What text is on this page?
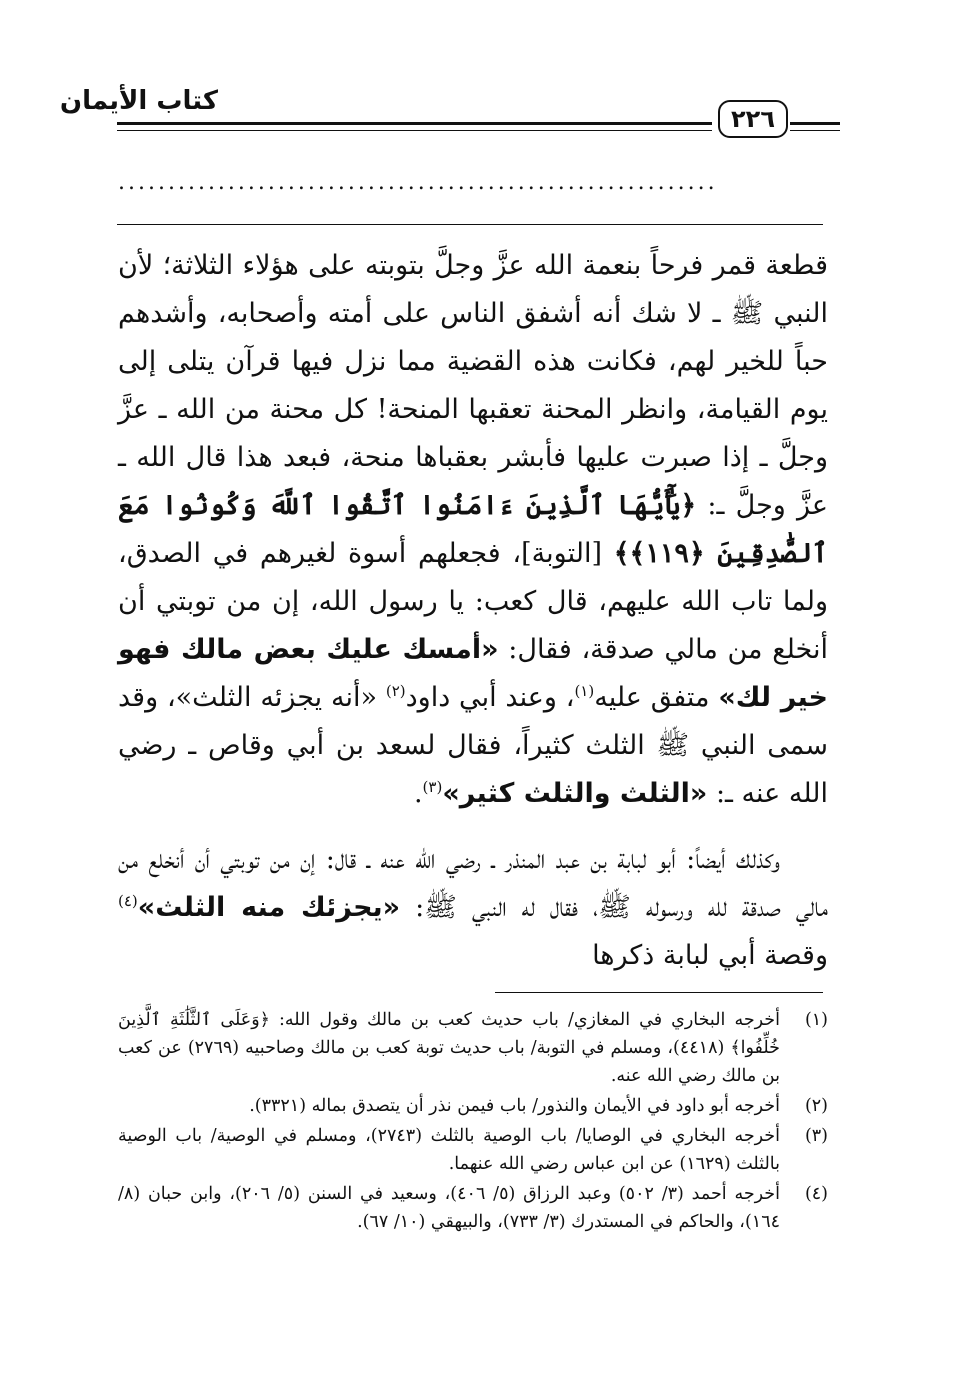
كتاب الأيمان
٢٢٦
............................................................
قطعة قمر فرحاً بنعمة الله عزَّ وجلَّ بتوبته على هؤلاء الثلاثة؛ لأن النبي ﷺ ـ لا شك أنه أشفق الناس على أمته وأصحابه، وأشدهم حباً للخير لهم، فكانت هذه القضية مما نزل فيها قرآن يتلى إلى يوم القيامة، وانظر المحنة تعقبها المنحة! كل محنة من الله ـ عزَّ وجلَّ ـ إذا صبرت عليها فأبشر بعقباها منحة، فبعد هذا قال الله ـ عزَّ وجلَّ ـ: ﴿يَٰٓأَيُّهَا ٱلَّذِينَ ءَامَنُوا ٱتَّقُوا ٱللَّهَ وَكُونُوا مَعَ ٱلصَّٰدِقِينَ ﴿١١٩﴾﴾ [التوبة]، فجعلهم أسوة لغيرهم في الصدق، ولما تاب الله عليهم، قال كعب: يا رسول الله، إن من توبتي أن أنخلع من مالي صدقة، فقال: «أمسك عليك بعض مالك فهو خير لك» متفق عليه$^{(١)}$، وعند أبي داود$^{(٢)}$ «أنه يجزئه الثلث»، وقد سمى النبي ﷺ الثلث كثيراً، فقال لسعد بن أبي وقاص ـ رضي الله عنه ـ: «الثلث والثلث كثير»$^{(٣)}$.
وكذلك أيضاً: أبو لبابة بن عبد المنذر ـ رضي الله عنه ـ قال: إن من توبتي أن أنخلع من مالي صدقة لله ورسوله ﷺ، فقال له النبي ﷺ: «يجزئك منه الثلث»$^{(٤)}$ وقصة أبي لبابة ذكرها
(١)
أخرجه البخاري في المغازي/ باب حديث كعب بن مالك وقول الله: ﴿وَعَلَى ٱلثَّلَٰثَةِ ٱلَّذِينَ خُلِّفُوا﴾ (٤٤١٨)، ومسلم في التوبة/ باب حديث توبة كعب بن مالك وصاحبيه (٢٧٦٩) عن كعب بن مالك رضي الله عنه.
(٢)
أخرجه أبو داود في الأيمان والنذور/ باب فيمن نذر أن يتصدق بماله (٣٣٢١).
(٣)
أخرجه البخاري في الوصايا/ باب الوصية بالثلث (٢٧٤٣)، ومسلم في الوصية/ باب الوصية بالثلث (١٦٢٩) عن ابن عباس رضي الله عنهما.
(٤)
أخرجه أحمد (٣/ ٥٠٢) وعبد الرزاق (٥/ ٤٠٦)، وسعيد في السنن (٥/ ٢٠٦)، وابن حبان (٨/ ١٦٤)، والحاكم في المستدرك (٣/ ٧٣٣)، والبيهقي (١٠/ ٦٧).
